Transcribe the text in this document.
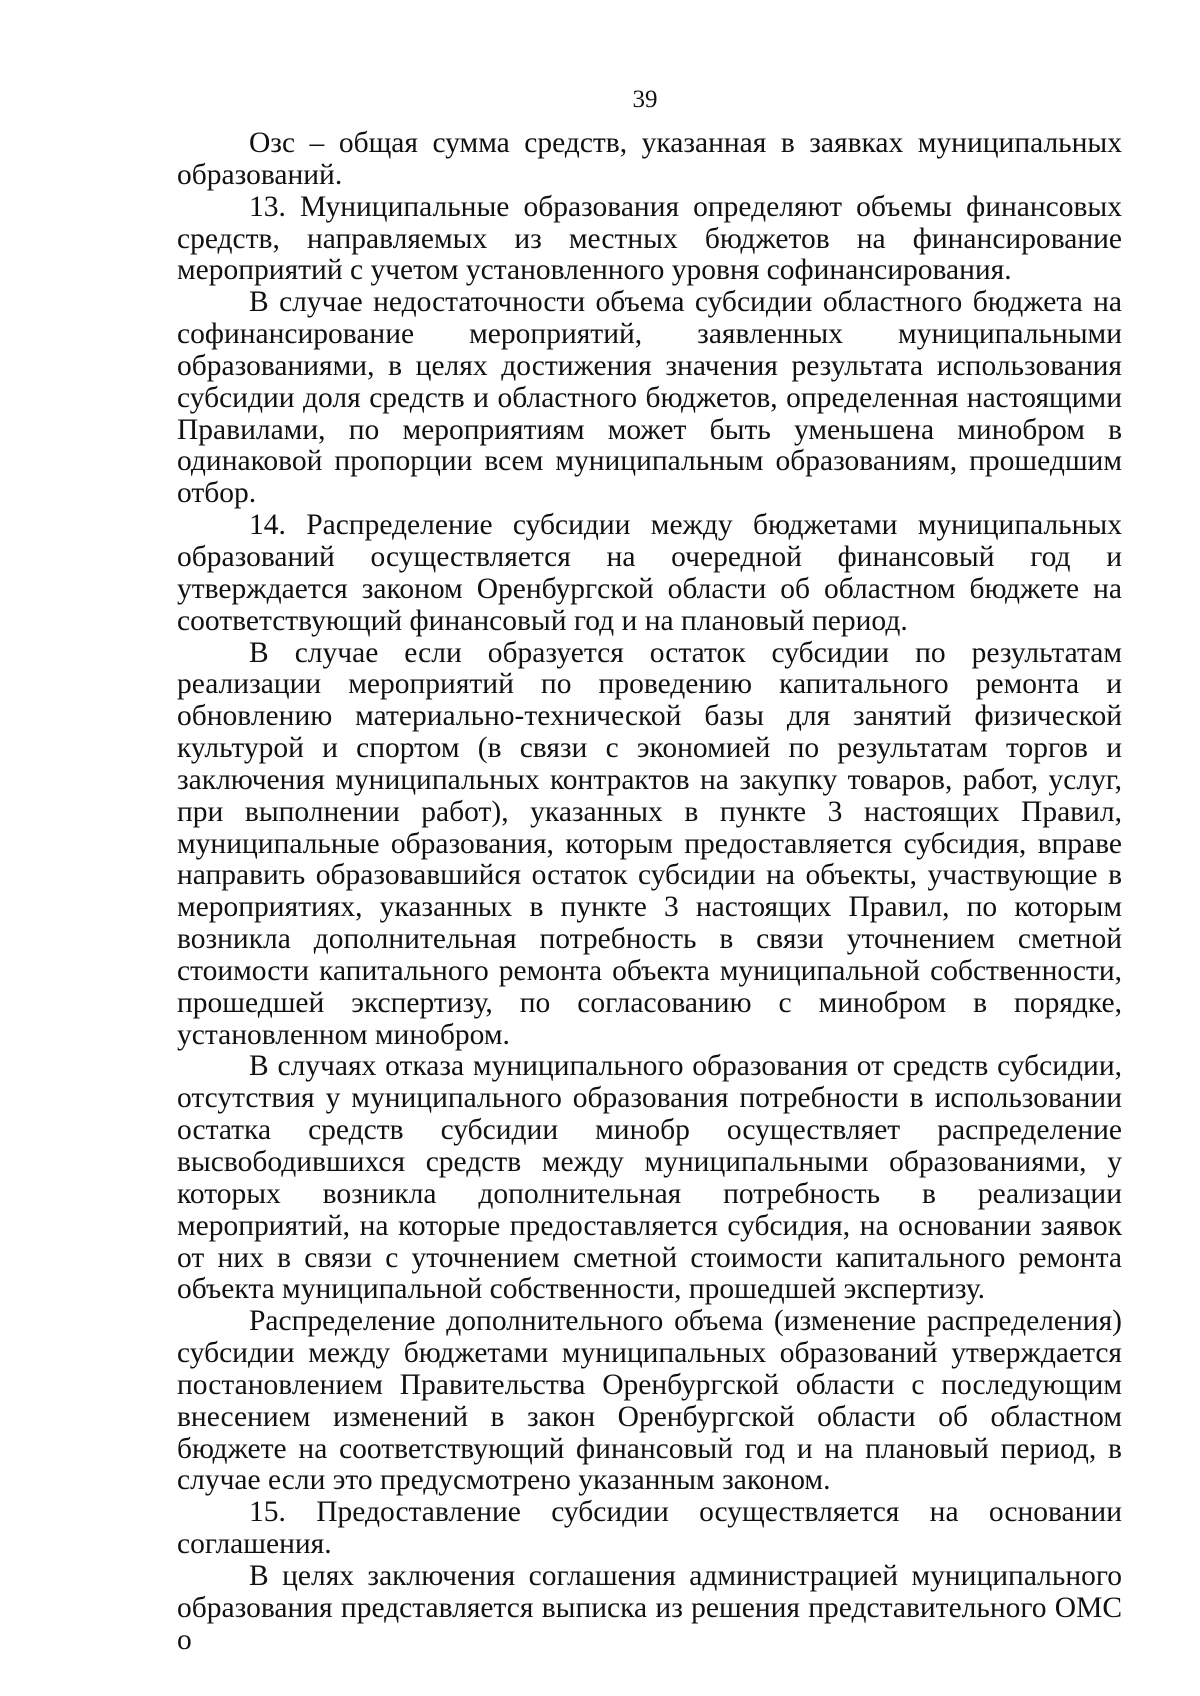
39

Озс – общая сумма средств, указанная в заявках муниципальных образований.

13. Муниципальные образования определяют объемы финансовых средств, направляемых из местных бюджетов на финансирование мероприятий с учетом установленного уровня софинансирования.

В случае недостаточности объема субсидии областного бюджета на софинансирование мероприятий, заявленных муниципальными образованиями, в целях достижения значения результата использования субсидии доля средств и областного бюджетов, определенная настоящими Правилами, по мероприятиям может быть уменьшена минобром в одинаковой пропорции всем муниципальным образованиям, прошедшим отбор.

14. Распределение субсидии между бюджетами муниципальных образований осуществляется на очередной финансовый год и утверждается законом Оренбургской области об областном бюджете на соответствующий финансовый год и на плановый период.

В случае если образуется остаток субсидии по результатам реализации мероприятий по проведению капитального ремонта и обновлению материально-технической базы для занятий физической культурой и спортом (в связи с экономией по результатам торгов и заключения муниципальных контрактов на закупку товаров, работ, услуг, при выполнении работ), указанных в пункте 3 настоящих Правил, муниципальные образования, которым предоставляется субсидия, вправе направить образовавшийся остаток субсидии на объекты, участвующие в мероприятиях, указанных в пункте 3 настоящих Правил, по которым возникла дополнительная потребность в связи уточнением сметной стоимости капитального ремонта объекта муниципальной собственности, прошедшей экспертизу, по согласованию с минобром в порядке, установленном минобром.

В случаях отказа муниципального образования от средств субсидии, отсутствия у муниципального образования потребности в использовании остатка средств субсидии минобр осуществляет распределение высвободившихся средств между муниципальными образованиями, у которых возникла дополнительная потребность в реализации мероприятий, на которые предоставляется субсидия, на основании заявок от них в связи с уточнением сметной стоимости капитального ремонта объекта муниципальной собственности, прошедшей экспертизу.

Распределение дополнительного объема (изменение распределения) субсидии между бюджетами муниципальных образований утверждается постановлением Правительства Оренбургской области с последующим внесением изменений в закон Оренбургской области об областном бюджете на соответствующий финансовый год и на плановый период, в случае если это предусмотрено указанным законом.

15. Предоставление субсидии осуществляется на основании соглашения.

В целях заключения соглашения администрацией муниципального образования представляется выписка из решения представительного ОМС о
